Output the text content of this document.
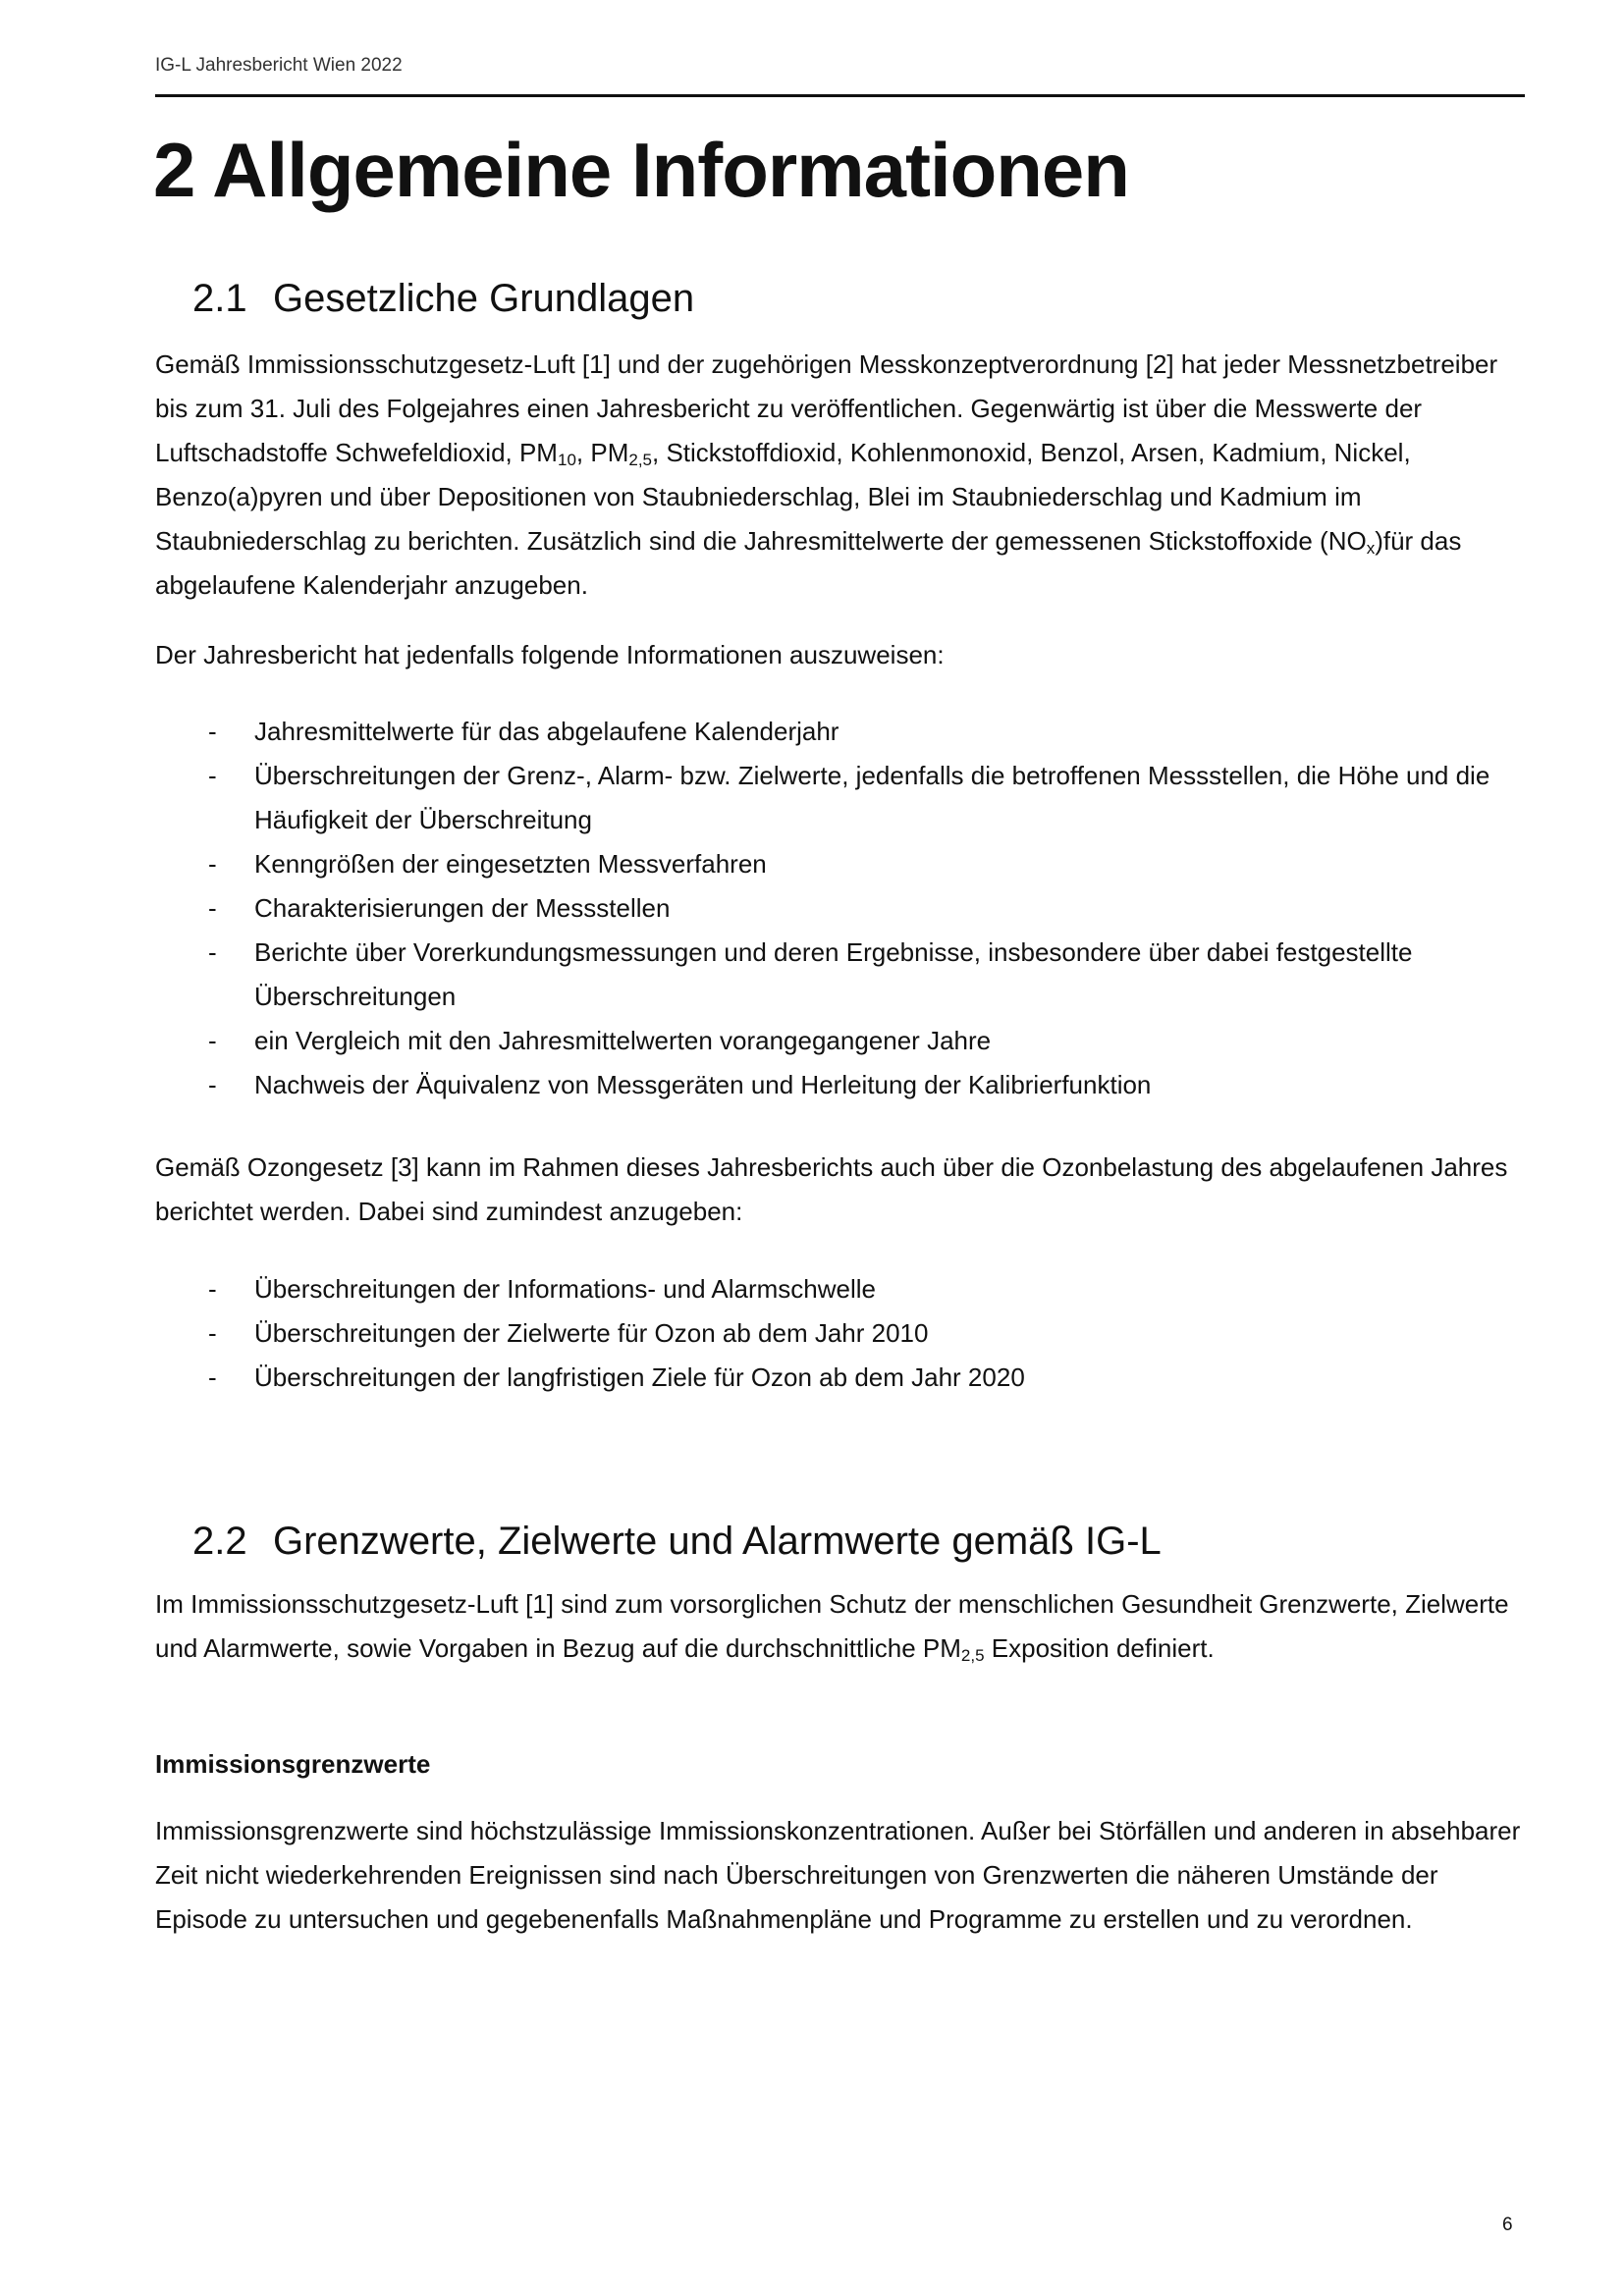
IG-L Jahresbericht Wien 2022
2 Allgemeine Informationen
2.1 Gesetzliche Grundlagen

Gemäß Immissionsschutzgesetz-Luft [1] und der zugehörigen Messkonzeptverordnung [2] hat jeder Messnetzbetreiber bis zum 31. Juli des Folgejahres einen Jahresbericht zu veröffentlichen. Gegenwärtig ist über die Messwerte der Luftschadstoffe Schwefeldioxid, $PM_{10}$, $PM_{2,5}$, Stickstoffdioxid, Kohlenmonoxid, Benzol, Arsen, Kadmium, Nickel, Benzo(a)pyren und über Depositionen von Staubniederschlag, Blei im Staubniederschlag und Kadmium im Staubniederschlag zu berichten. Zusätzlich sind die Jahresmittelwerte der gemessenen Stickstoffoxide $(NO_x)für$ das abgelaufene Kalenderjahr anzugeben.

Der Jahresbericht hat jedenfalls folgende Informationen auszuweisen:

- Jahresmittelwerte für das abgelaufene Kalenderjahr
- Überschreitungen der Grenz-, Alarm- bzw. Zielwerte, jedenfalls die betroffenen Messstellen, die Höhe und die Häufigkeit der Überschreitung
- Kenngrößen der eingesetzten Messverfahren
- Charakterisierungen der Messstellen
- Berichte über Vorerkundungsmessungen und deren Ergebnisse, insbesondere über dabei festgestellte Überschreitungen
- ein Vergleich mit den Jahresmittelwerten vorangegangener Jahre
- Nachweis der Äquivalenz von Messgeräten und Herleitung der Kalibrierfunktion

Gemäß Ozongesetz [3] kann im Rahmen dieses Jahresberichts auch über die Ozonbelastung des abgelaufenen Jahres berichtet werden. Dabei sind zumindest anzugeben:

- Überschreitungen der Informations- und Alarmschwelle
- Überschreitungen der Zielwerte für Ozon ab dem Jahr 2010
- Überschreitungen der langfristigen Ziele für Ozon ab dem Jahr 2020
2.2 Grenzwerte, Zielwerte und Alarmwerte gemäß IG-L

Im Immissionsschutzgesetz-Luft [1] sind zum vorsorglichen Schutz der menschlichen Gesundheit Grenzwerte, Zielwerte und Alarmwerte, sowie Vorgaben in Bezug auf die durchschnittliche $PM_{2,5}$ Exposition definiert.

Immissionsgrenzwerte

Immissionsgrenzwerte sind höchstzulässige Immissionskonzentrationen. Außer bei Störfällen und anderen in absehbarer Zeit nicht wiederkehrenden Ereignissen sind nach Überschreitungen von Grenzwerten die näheren Umstände der Episode zu untersuchen und gegebenenfalls Maßnahmenpläne und Programme zu erstellen und zu verordnen.

6
